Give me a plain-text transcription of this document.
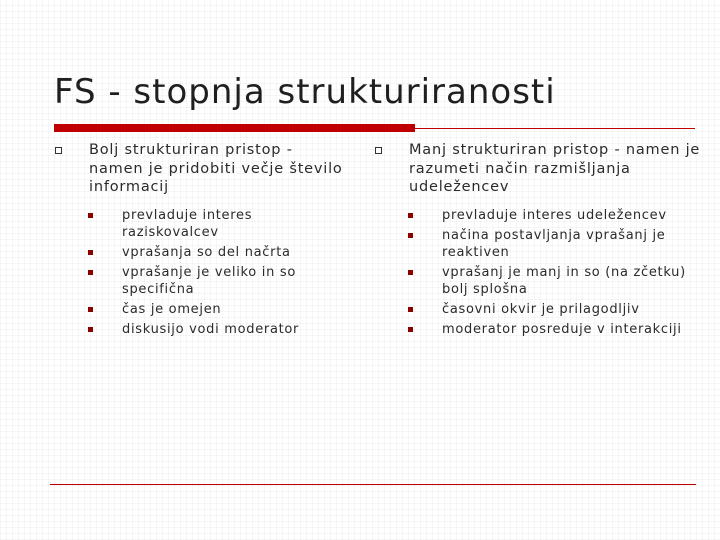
FS - stopnja strukturiranosti
Bolj strukturiran pristop - namen je pridobiti večje število informacij
prevladuje interes raziskovalcev
vprašanja so del načrta
vprašanje je veliko in so specifična
čas je omejen
diskusijo vodi moderator
Manj strukturiran pristop - namen je razumeti način razmišljanja udeležencev
prevladuje interes udeležencev
načina postavljanja vprašanj je reaktiven
vprašanj je manj in so (na zčetku) bolj splošna
časovni okvir je prilagodljiv
moderator posreduje v interakciji
